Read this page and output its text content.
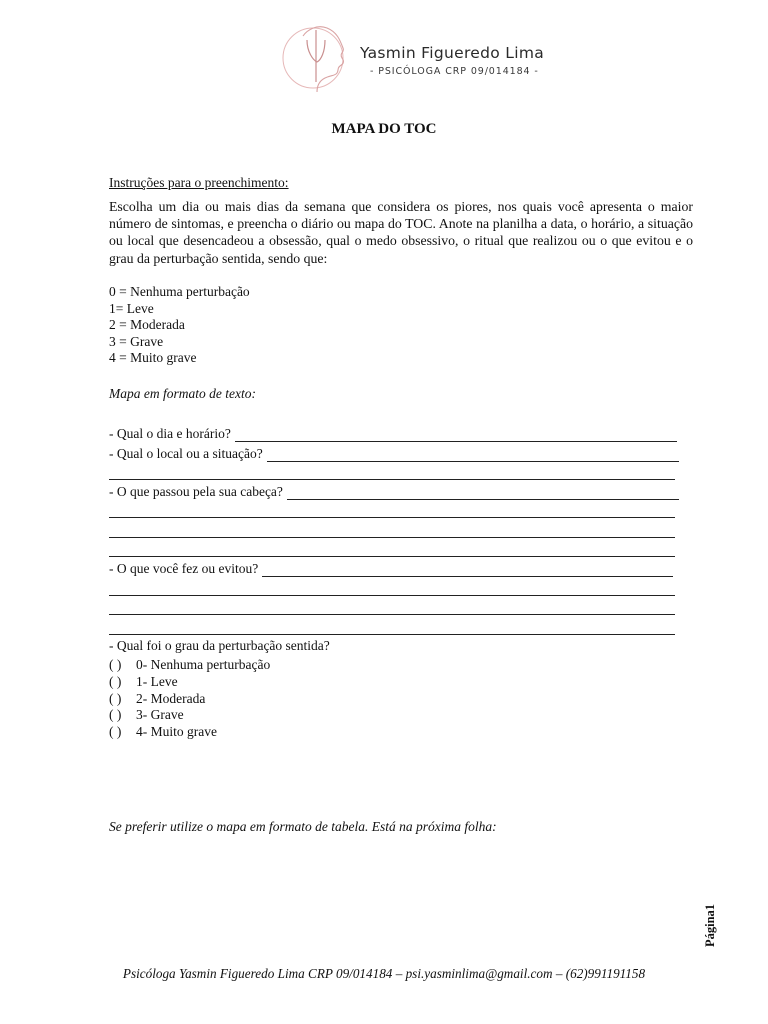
Yasmin Figueredo Lima
- PSICÓLOGA CRP 09/014184 -
MAPA DO TOC
Instruções para o preenchimento:
Escolha um dia ou mais dias da semana que considera os piores, nos quais você apresenta o maior número de sintomas, e preencha o diário ou mapa do TOC. Anote na planilha a data, o horário, a situação ou local que desencadeou a obsessão, qual o medo obsessivo, o ritual que realizou ou o que evitou e o grau da perturbação sentida, sendo que:
0 = Nenhuma perturbação
1= Leve
2 = Moderada
3 = Grave
4 = Muito grave
Mapa em formato de texto:
- Qual o dia e horário?
- Qual o local ou a situação?
- O que passou pela sua cabeça?
- O que você fez ou evitou?
- Qual foi o grau da perturbação sentida?
( ) 0- Nenhuma perturbação
( ) 1- Leve
( ) 2- Moderada
( ) 3- Grave
( ) 4- Muito grave
Se preferir utilize o mapa em formato de tabela. Está na próxima folha:
Página1
Psicóloga Yasmin Figueredo Lima CRP 09/014184 – psi.yasminlima@gmail.com – (62)991191158
